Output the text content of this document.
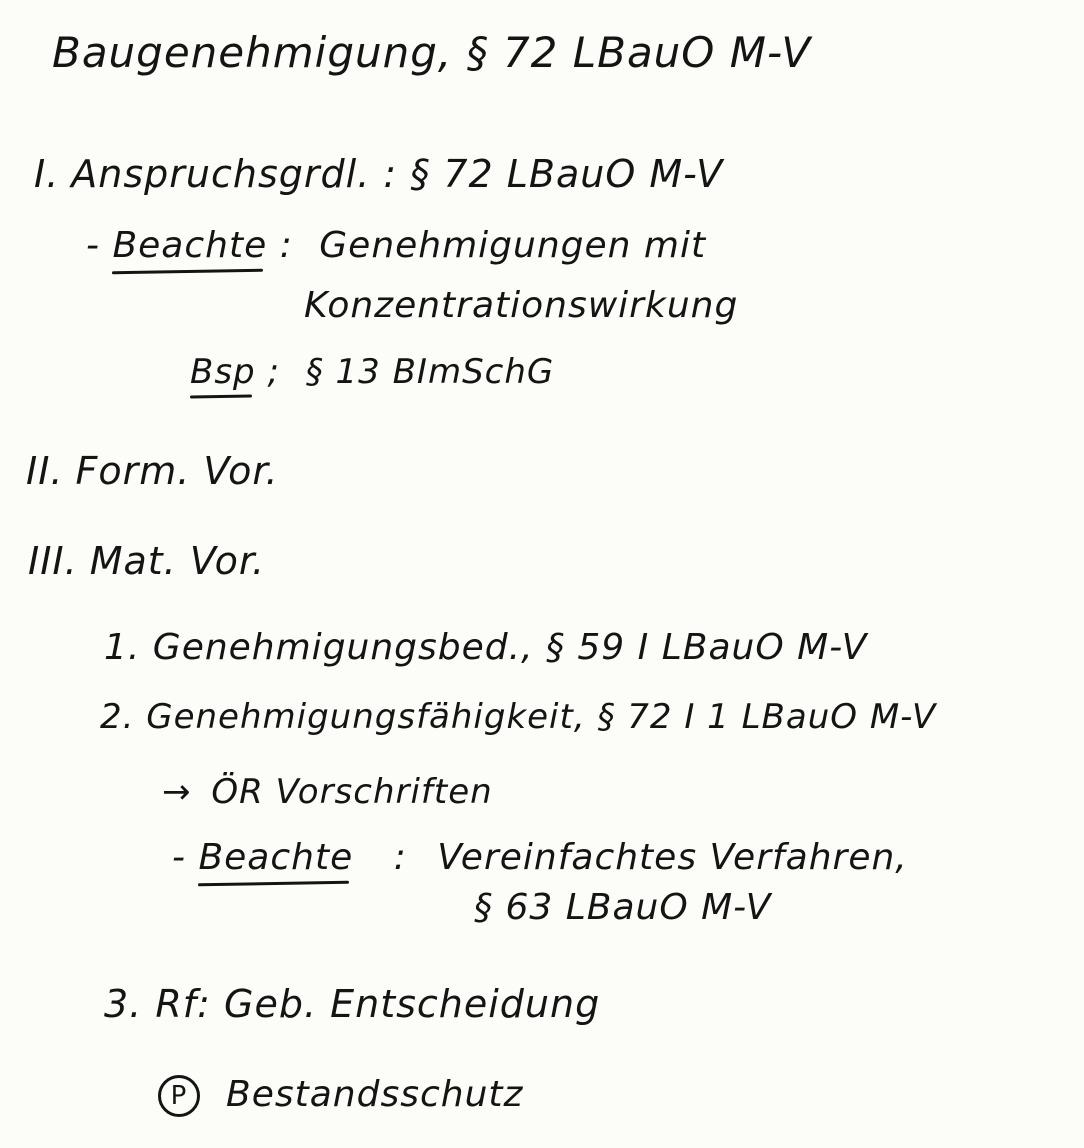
Baugenehmigung, § 72 LBauO M-V
I. Anspruchsgrdl. : § 72 LBauO M-V
- Beachte : Genehmigungen mit
Konzentrationswirkung
Bsp ; § 13 BImSchG
II. Form. Vor.
III. Mat. Vor.
1. Genehmigungsbed., § 59 I LBauO M-V
2. Genehmigungsfähigkeit, § 72 I 1 LBauO M-V
→ ÖR Vorschriften
- Beachte : Vereinfachtes Verfahren,
§ 63 LBauO M-V
3. Rf: Geb. Entscheidung
P Bestandsschutz
